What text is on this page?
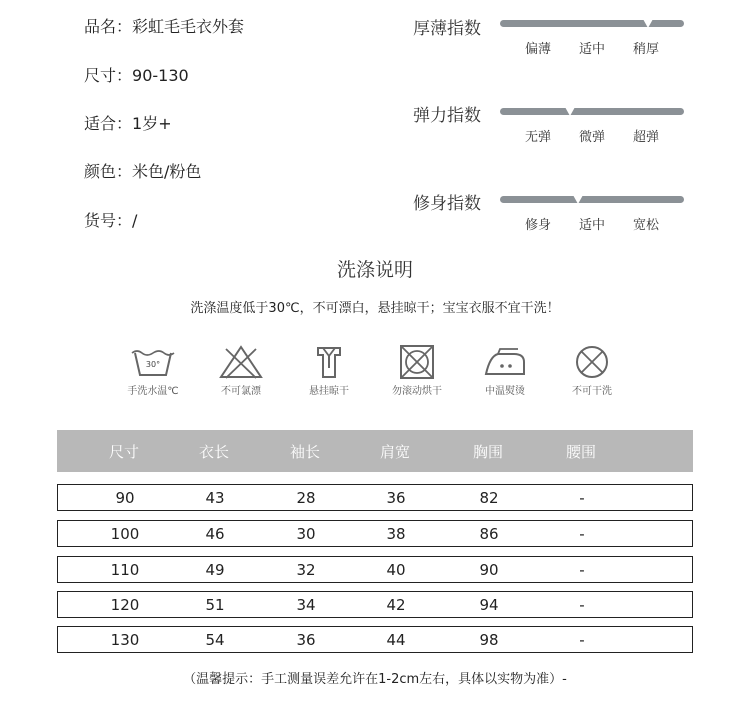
品名：彩虹毛毛衣外套
尺寸：90-130
适合：1岁+
颜色：米色/粉色
货号：/
厚薄指数
偏薄 适中 稍厚
弹力指数
无弹 微弹 超弹
修身指数
修身 适中 宽松
洗涤说明
洗涤温度低于30℃，不可漂白，悬挂晾干；宝宝衣服不宜干洗！
30°
手洗水温℃	不可氯漂	悬挂晾干	勿滚动烘干	中温熨烫	不可干洗
尺寸	衣长	袖长	肩宽	胸围	腰围
90	43	28	36	82	-
100	46	30	38	86	-
110	49	32	40	90	-
120	51	34	42	94	-
130	54	36	44	98	-
（温馨提示：手工测量误差允许在1-2cm左右，具体以实物为准）-
